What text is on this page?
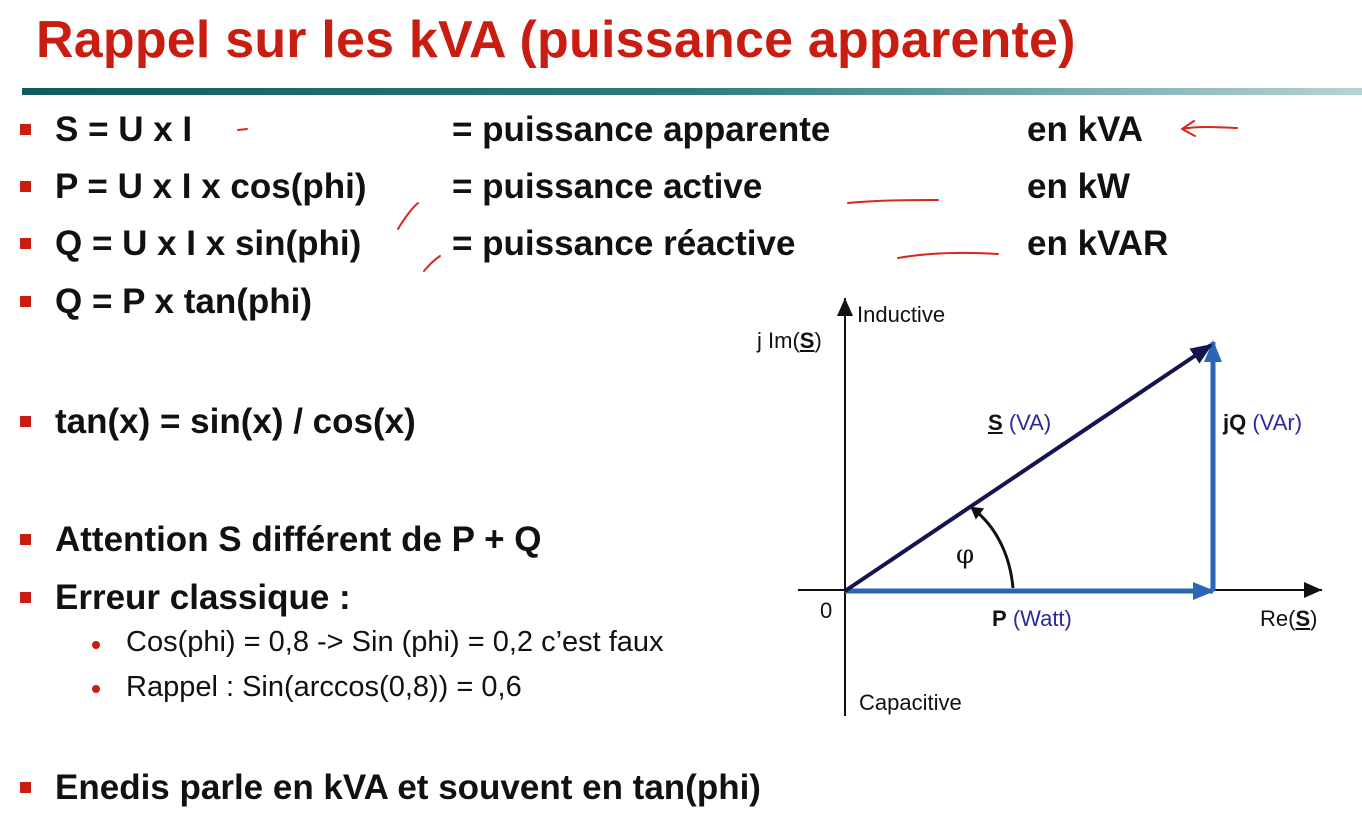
Rappel sur les kVA (puissance apparente)
S = U x I	= puissance apparente	en kVA
P = U x I x cos(phi) = puissance active	en kW
Q = U x I x sin(phi)	= puissance réactive	en kVAR
Q = P x tan(phi)
tan(x) = sin(x) / cos(x)
Attention S différent de P + Q
Erreur classique :
Cos(phi) = 0,8 -> Sin (phi) = 0,2 c’est faux
Rappel : Sin(arccos(0,8)) = 0,6
Enedis parle en kVA et souvent en tan(phi)
Inductive
j Im(S)
S (VA)	jQ (VAr)
φ
0	P (Watt)	Re(S)
Capacitive
